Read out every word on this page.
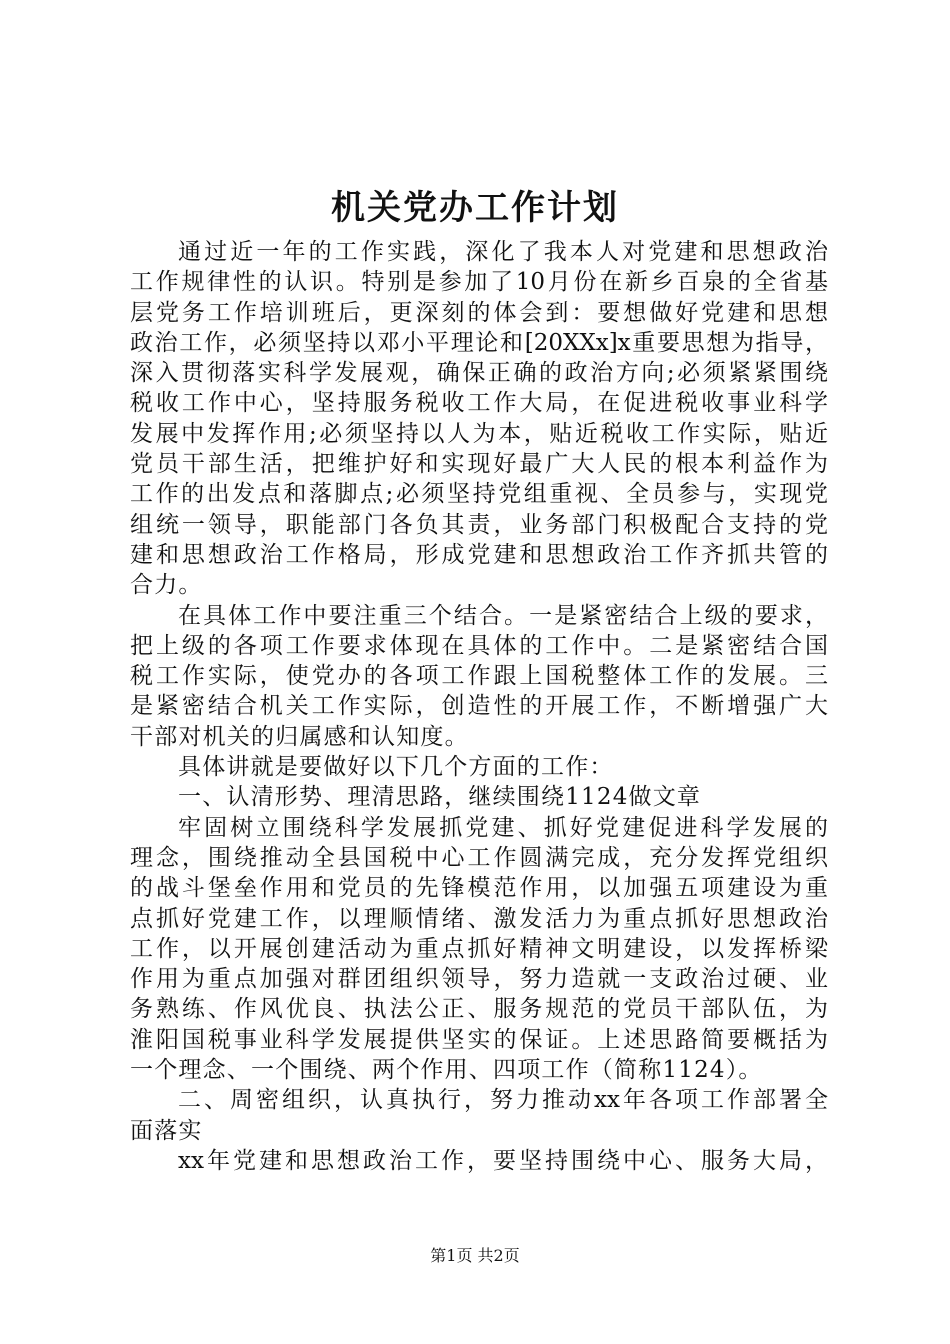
机关党办工作计划
通过近一年的工作实践，深化了我本人对党建和思想政治
工作规律性的认识。特别是参加了10月份在新乡百泉的全省基
层党务工作培训班后，更深刻的体会到：要想做好党建和思想
政治工作，必须坚持以邓小平理论和[20XXx]x重要思想为指导，
深入贯彻落实科学发展观，确保正确的政治方向;必须紧紧围绕
税收工作中心，坚持服务税收工作大局，在促进税收事业科学
发展中发挥作用;必须坚持以人为本，贴近税收工作实际，贴近
党员干部生活，把维护好和实现好最广大人民的根本利益作为
工作的出发点和落脚点;必须坚持党组重视、全员参与，实现党
组统一领导，职能部门各负其责，业务部门积极配合支持的党
建和思想政治工作格局，形成党建和思想政治工作齐抓共管的
合力。
在具体工作中要注重三个结合。一是紧密结合上级的要求，
把上级的各项工作要求体现在具体的工作中。二是紧密结合国
税工作实际，使党办的各项工作跟上国税整体工作的发展。三
是紧密结合机关工作实际，创造性的开展工作，不断增强广大
干部对机关的归属感和认知度。
具体讲就是要做好以下几个方面的工作：
一、认清形势、理清思路，继续围绕1124做文章
牢固树立围绕科学发展抓党建、抓好党建促进科学发展的
理念，围绕推动全县国税中心工作圆满完成，充分发挥党组织
的战斗堡垒作用和党员的先锋模范作用，以加强五项建设为重
点抓好党建工作，以理顺情绪、激发活力为重点抓好思想政治
工作，以开展创建活动为重点抓好精神文明建设，以发挥桥梁
作用为重点加强对群团组织领导，努力造就一支政治过硬、业
务熟练、作风优良、执法公正、服务规范的党员干部队伍，为
淮阳国税事业科学发展提供坚实的保证。上述思路简要概括为
一个理念、一个围绕、两个作用、四项工作（简称1124）。
二、周密组织，认真执行，努力推动xx年各项工作部署全
面落实
xx年党建和思想政治工作，要坚持围绕中心、服务大局，
第1页 共2页
